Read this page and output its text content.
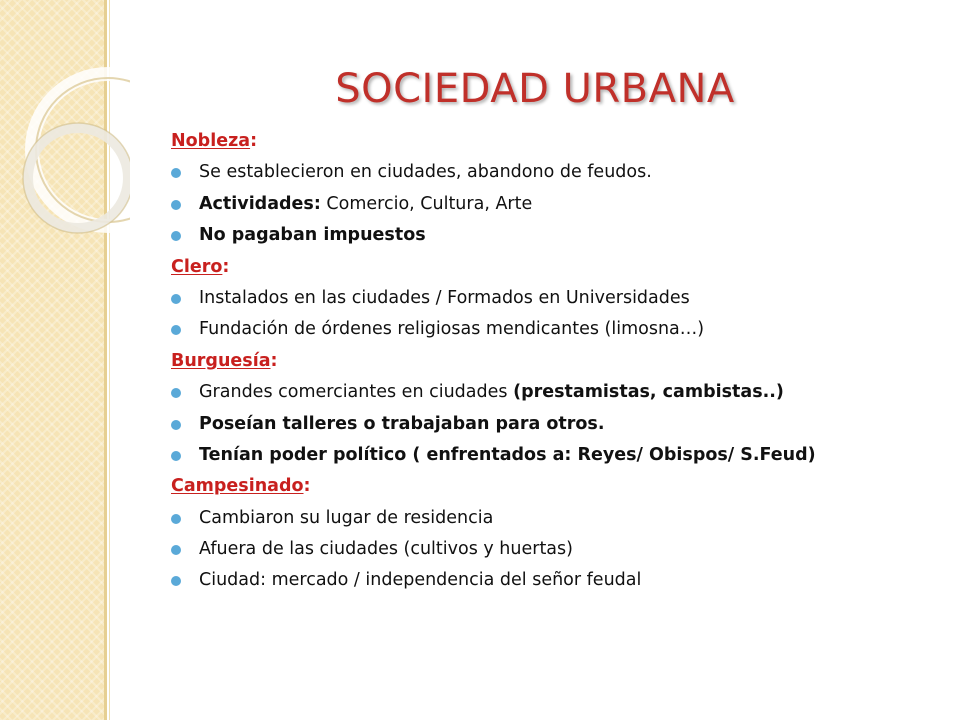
SOCIEDAD URBANA
Nobleza:
Se establecieron en ciudades, abandono de feudos.
Actividades: Comercio, Cultura, Arte
No pagaban impuestos
Clero:
Instalados en las ciudades / Formados en Universidades
Fundación de órdenes religiosas mendicantes (limosna…)
Burguesía:
Grandes comerciantes en ciudades (prestamistas, cambistas..)
Poseían talleres o trabajaban para otros.
Tenían poder político ( enfrentados a: Reyes/ Obispos/ S.Feud)
Campesinado:
Cambiaron su lugar de residencia
Afuera de las ciudades (cultivos y huertas)
Ciudad: mercado / independencia del señor feudal
